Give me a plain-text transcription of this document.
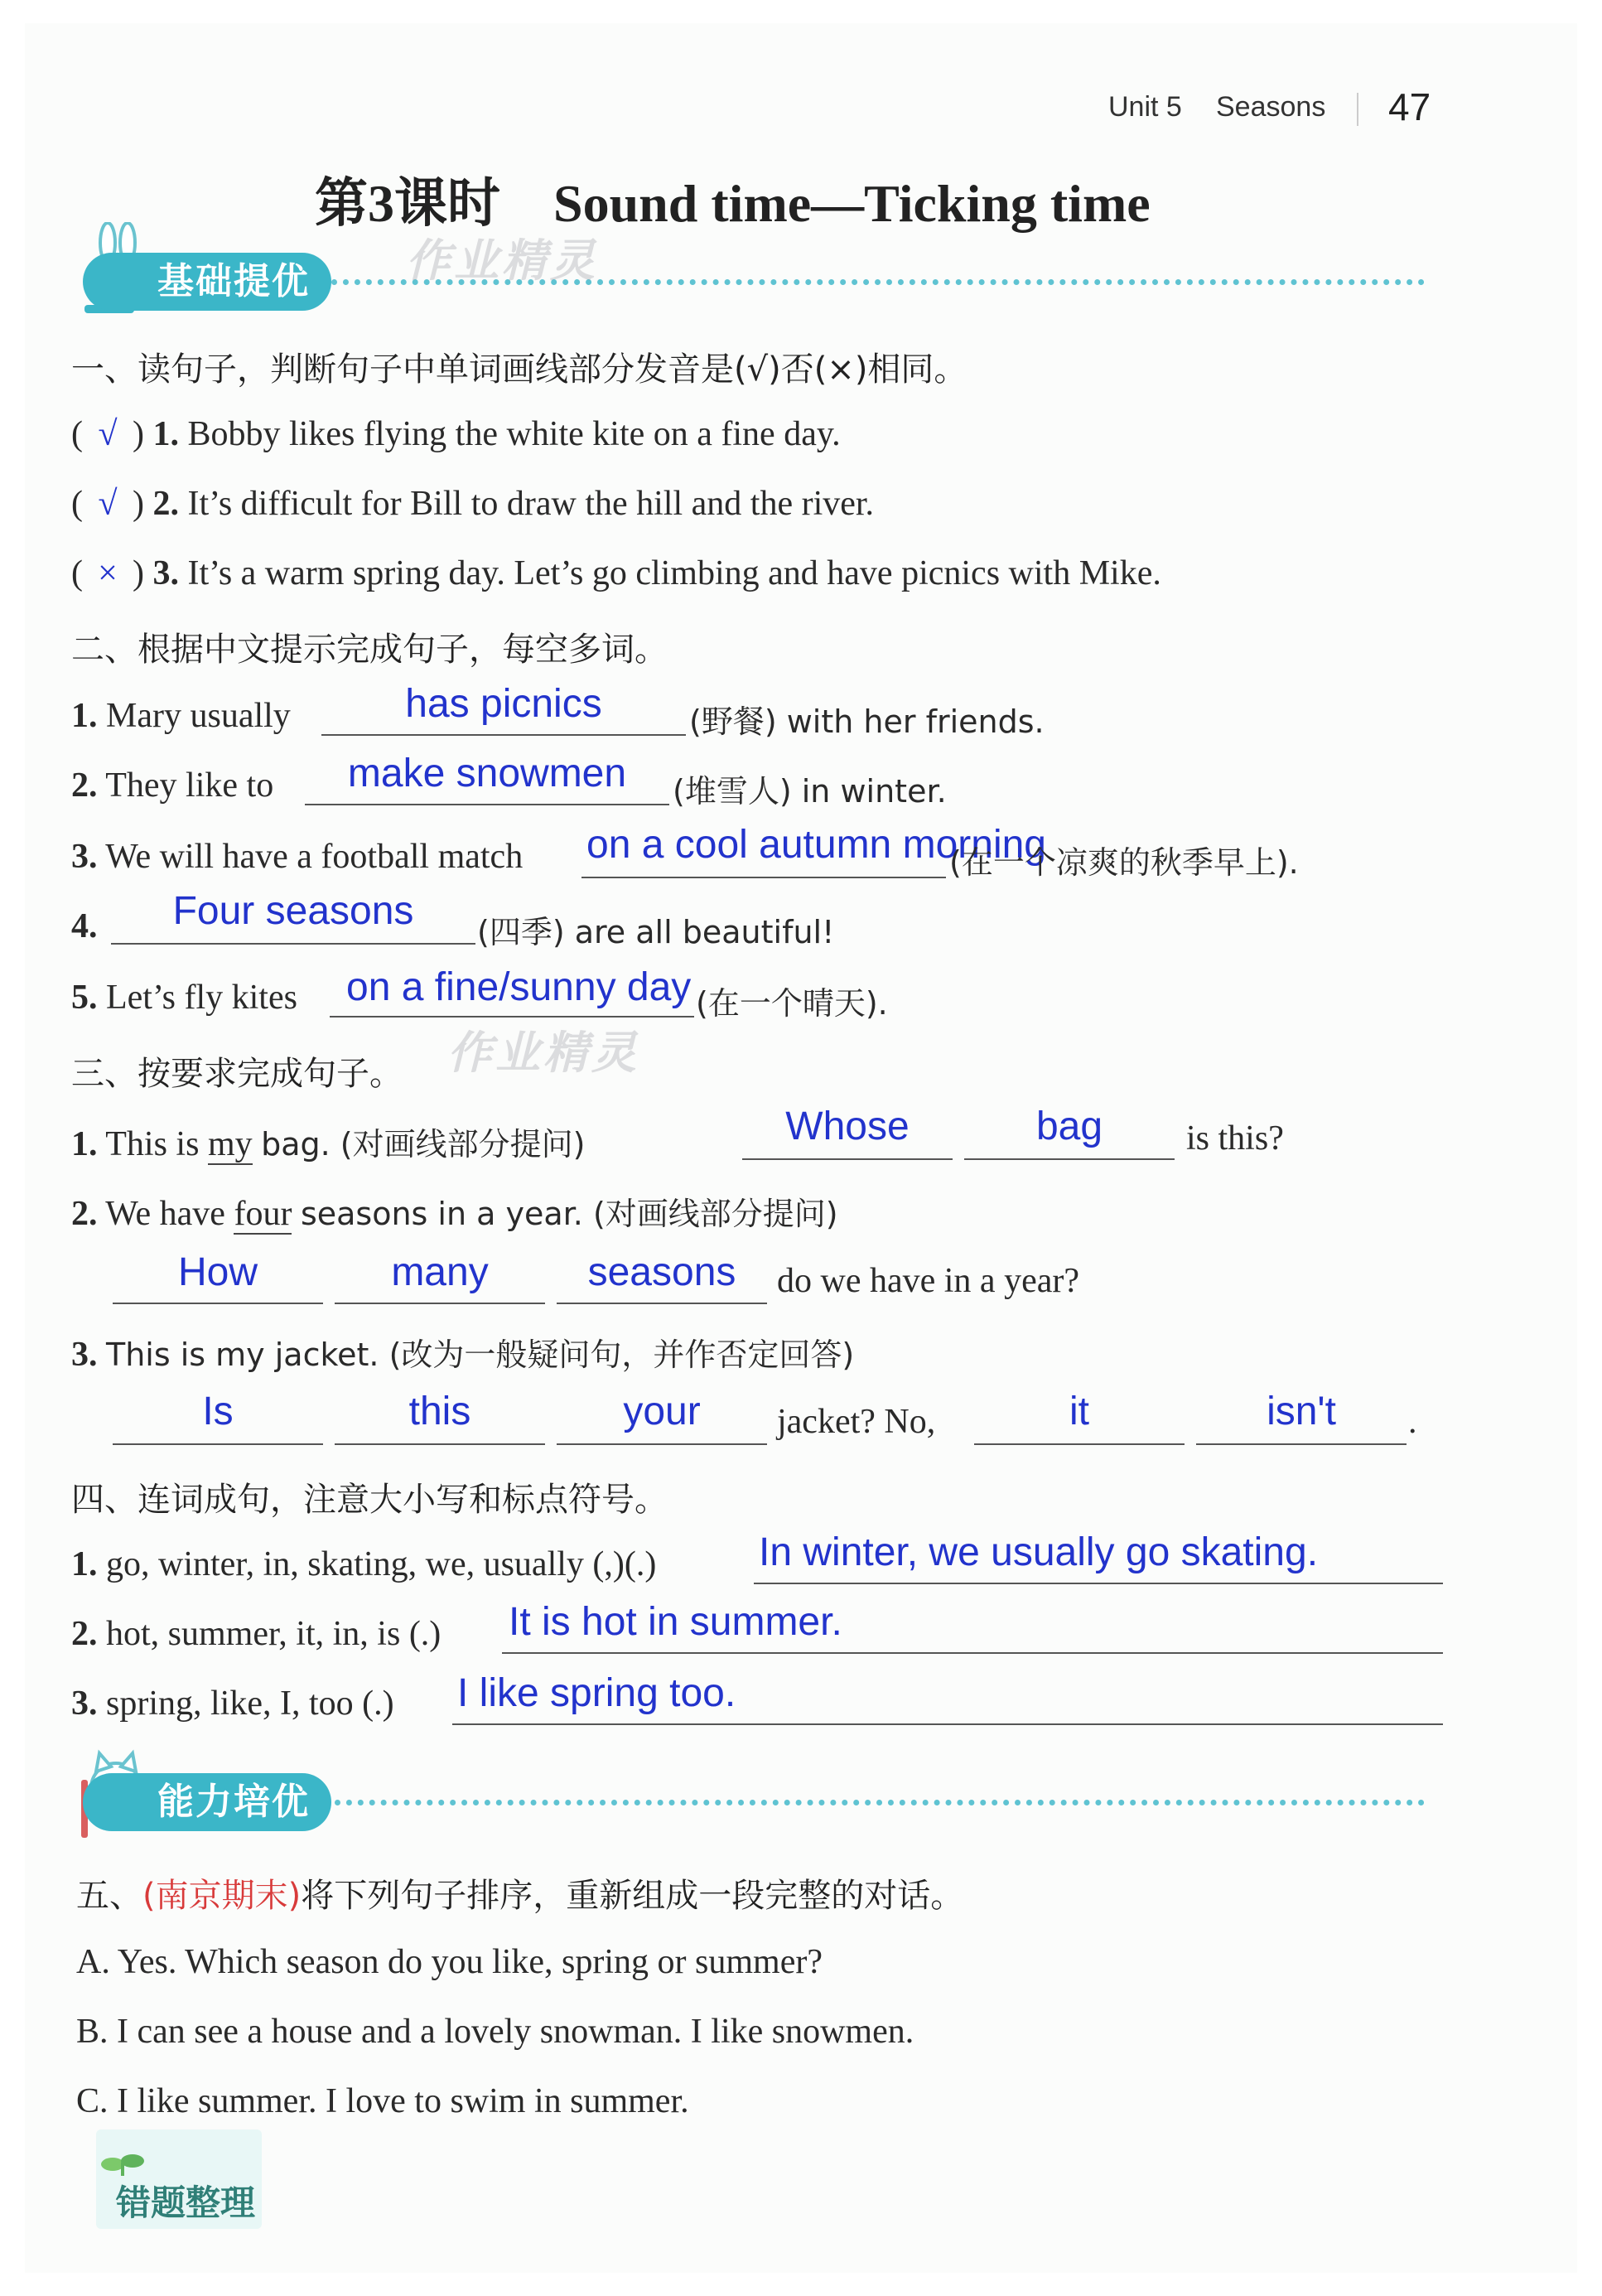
Unit 5 Seasons 47
第3课时　Sound time—Ticking time
基础提优	作业精灵
一、读句子，判断句子中单词画线部分发音是(√)否(×)相同。
( √ ) 1. Bobby likes flying the white kite on a fine day.
( √ ) 2. It’s difficult for Bill to draw the hill and the river.
( × ) 3. It’s a warm spring day. Let’s go climbing and have picnics with Mike.
二、根据中文提示完成句子，每空多词。
1. Mary usually	has picnics	(野餐) with her friends.
2. They like to	make snowmen	(堆雪人) in winter.
3. We will have a football match on a cool autumn morning
(在一个凉爽的秋季早上).
4.	Four seasons	(四季) are all beautiful!
5. Let’s fly kites on a fine/sunny day (在一个晴天).
作业精灵
三、按要求完成句子。
1. This is my bag. (对画线部分提问)	Whose	bag	is this?
2. We have four seasons in a year. (对画线部分提问)
How	many	seasons	do we have in a year?
3. This is my jacket. (改为一般疑问句，并作否定回答)
Is	this	your	jacket? No,	it	isn't	.
四、连词成句，注意大小写和标点符号。
1. go, winter, in, skating, we, usually (,)(.)	In winter, we usually go skating.
2. hot, summer, it, in, is (.) It is hot in summer.
3. spring, like, I, too (.) I like spring too.
能力培优
五、(南京期末)将下列句子排序，重新组成一段完整的对话。
A. Yes. Which season do you like, spring or summer?
B. I can see a house and a lovely snowman. I like snowmen.
C. I like summer. I love to swim in summer.
错题整理
